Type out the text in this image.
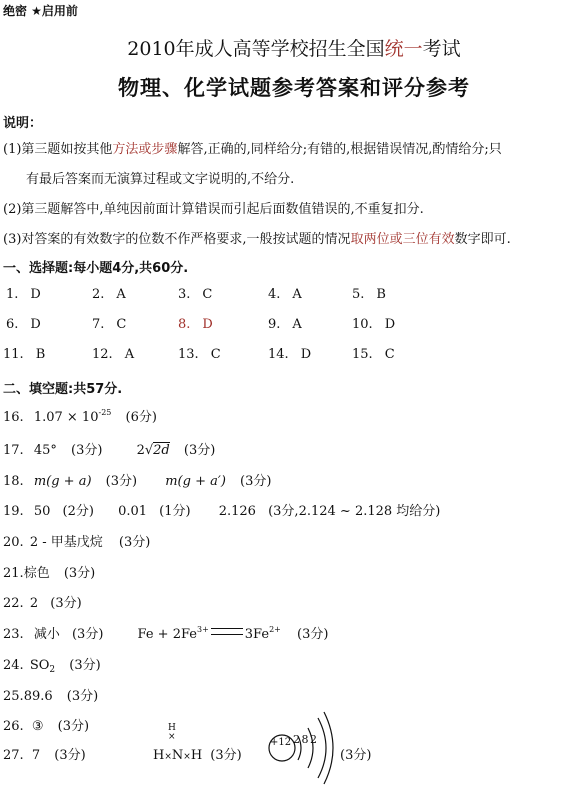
绝密 ★启用前
2010年成人高等学校招生全国统一考试
物理、化学试题参考答案和评分参考
说明：
(1)第三题如按其他方法或步骤解答,正确的,同样给分;有错的,根据错误情况,酌情给分;只
有最后答案而无演算过程或文字说明的,不给分.
(2)第三题解答中,单纯因前面计算错误而引起后面数值错误的,不重复扣分.
(3)对答案的有效数字的位数不作严格要求,一般按试题的情况取两位或三位有效数字即可.
一、选择题:每小题4分,共60分.
1. D	2. A	3. C	4. A	5. B
6. D	7. C	8. D	9. A	10. D
11. B	12. A	13. C	14. D	15. C
二、填空题:共57分.
16. $1.07 \times 10^{-25}$ (6分)
17. 45° (3分)	2√2d (3分)
18. m(g + a) (3分) m(g + a′) (3分)
19. 50 (2分) 0.01 (1分) 2.126 (3分,2.124 ~ 2.128 均给分)
20. 2 - 甲基戊烷 (3分)
21.棕色 (3分)
22. 2 (3分)
23. 减小 (3分)	$Fe + 2Fe^{3+}$	$3Fe^{2+}$ (3分)
24. $SO_2$ (3分)
25.89.6 (3分)
26. ③ (3分)
27. 7 (3分)
H
×
H×N×H (3分)
+12 2 8 2
(3分)
